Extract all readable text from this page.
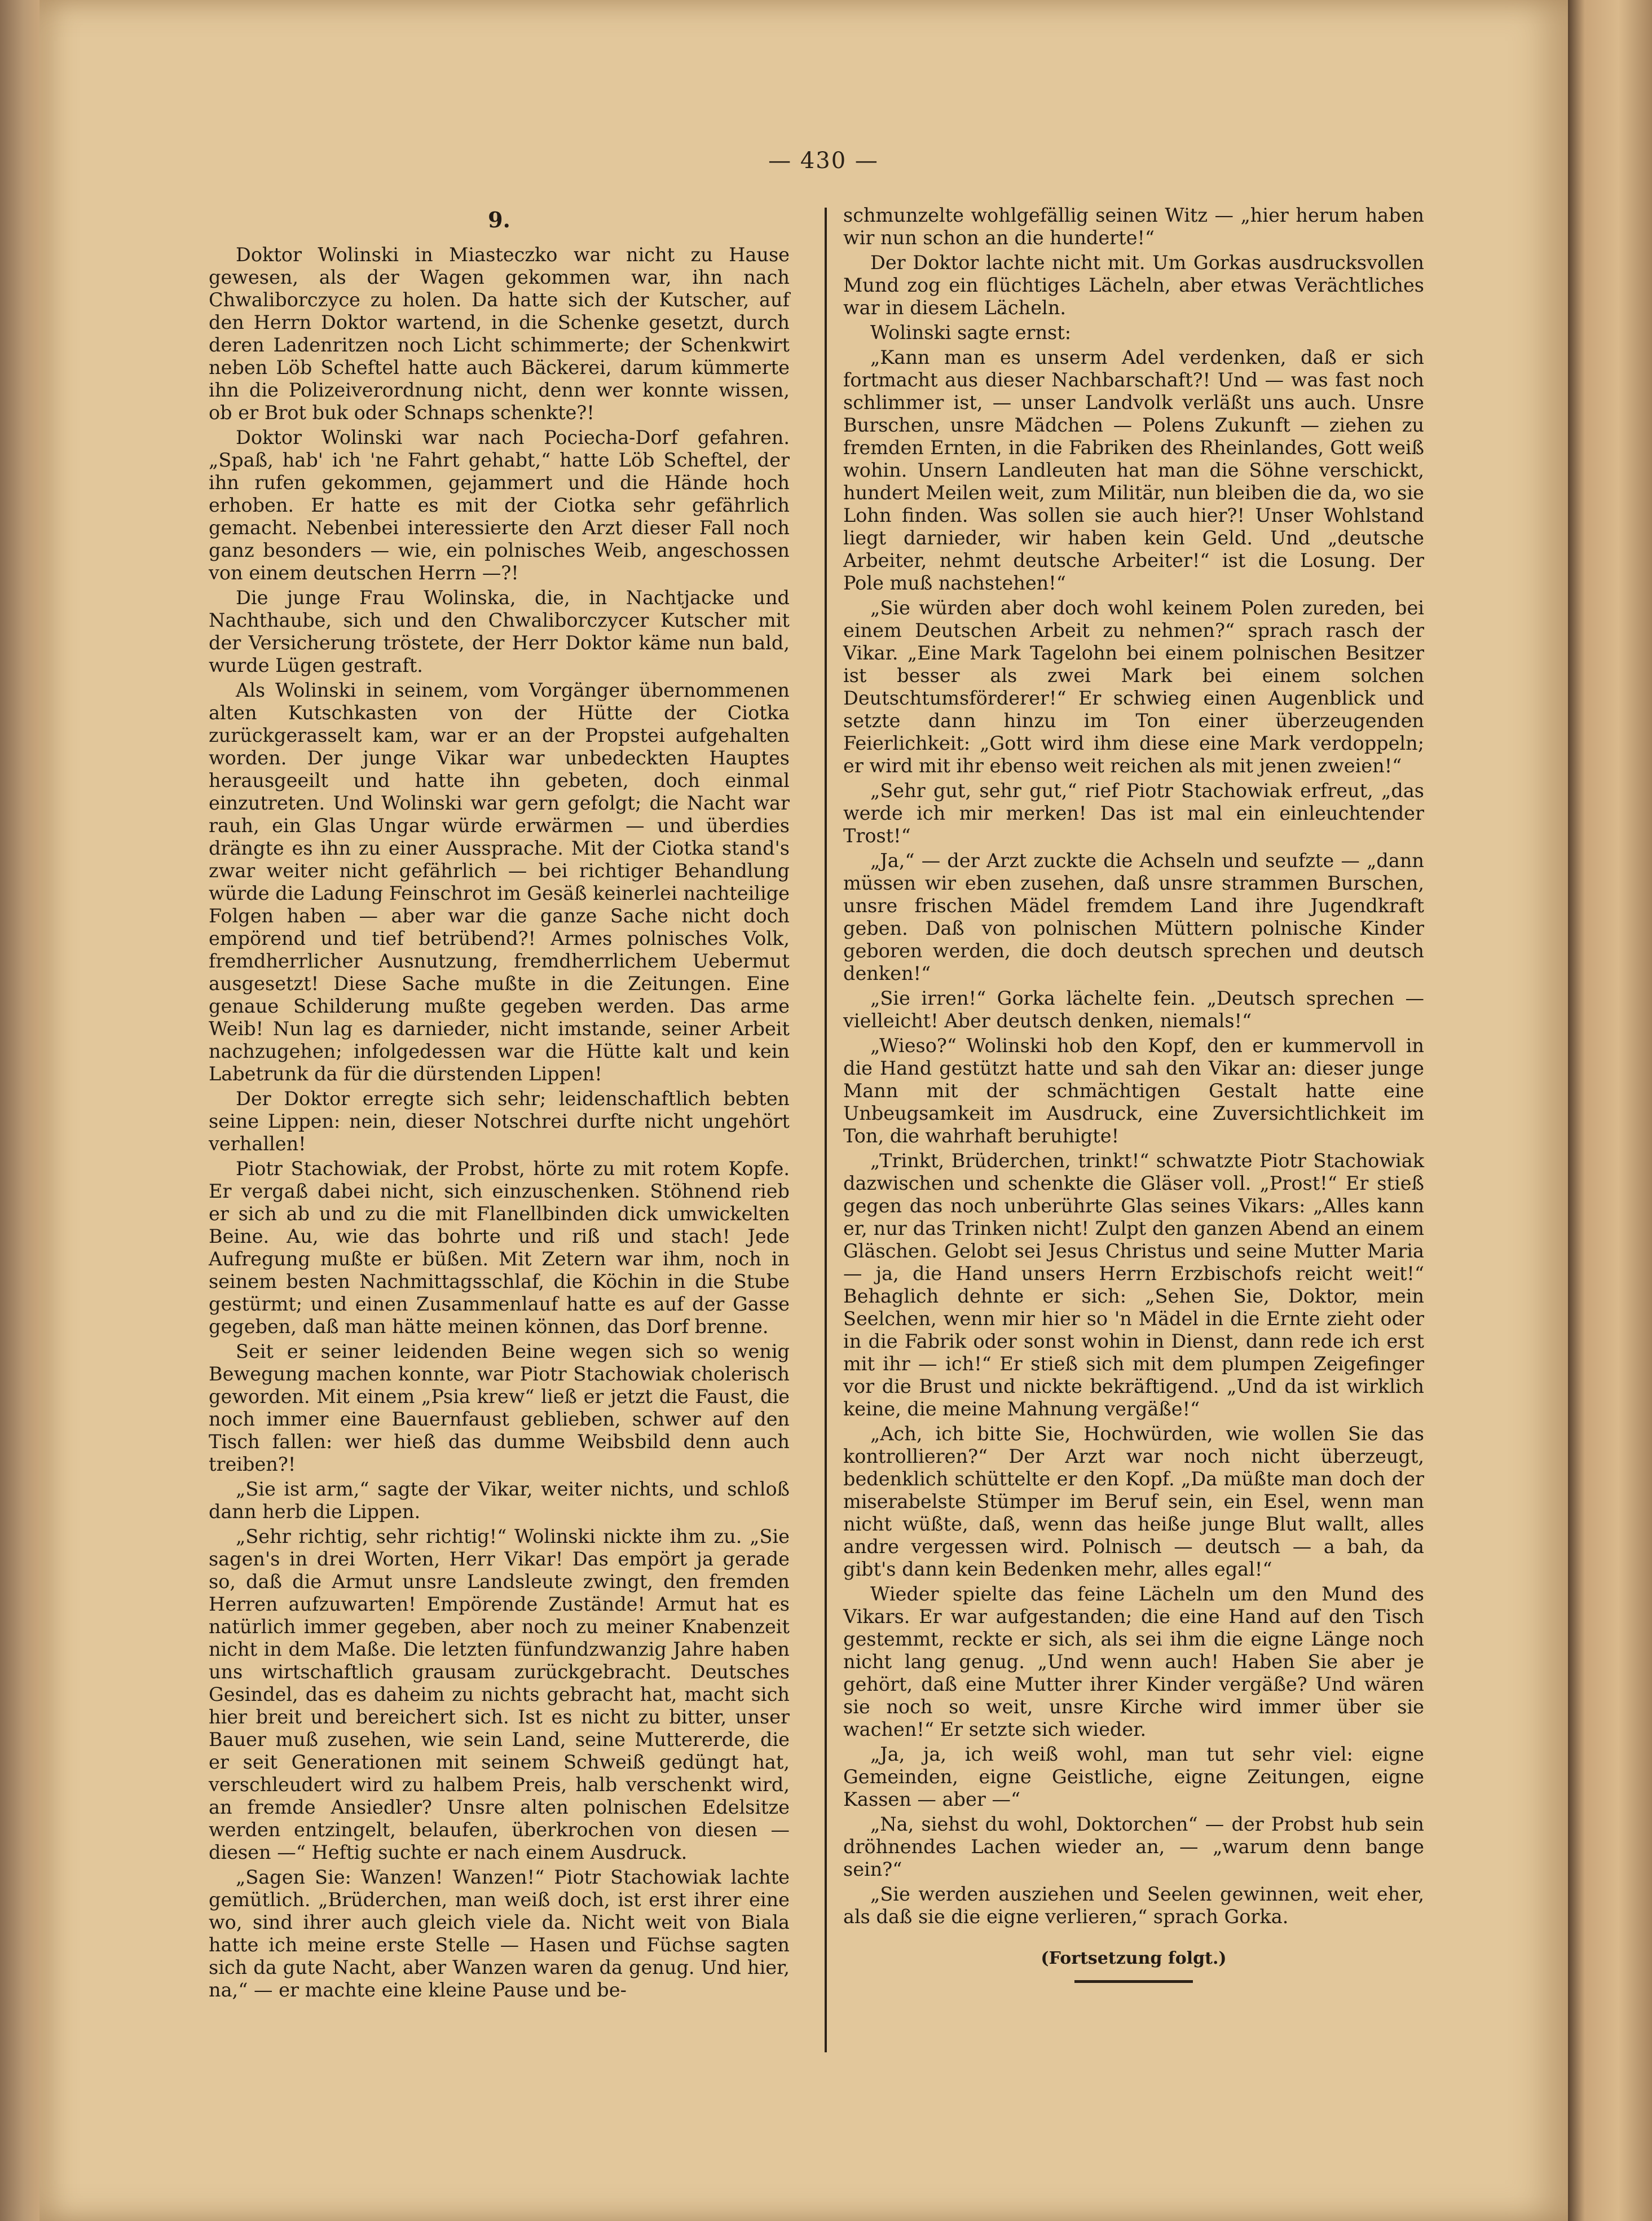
— 430 —
9.

Doktor Wolinski in Miasteczko war nicht zu Hause gewesen, als der Wagen gekommen war, ihn nach Chwaliborczyce zu holen. Da hatte sich der Kutscher, auf den Herrn Doktor wartend, in die Schenke gesetzt, durch deren Ladenritzen noch Licht schimmerte; der Schenkwirt neben Löb Scheftel hatte auch Bäckerei, darum kümmerte ihn die Polizeiverordnung nicht, denn wer konnte wissen, ob er Brot buk oder Schnaps schenkte?!

Doktor Wolinski war nach Pociecha-Dorf gefahren. „Spaß, hab' ich 'ne Fahrt gehabt,“ hatte Löb Scheftel, der ihn rufen gekommen, gejammert und die Hände hoch erhoben. Er hatte es mit der Ciotka sehr gefährlich gemacht. Nebenbei interessierte den Arzt dieser Fall noch ganz besonders — wie, ein polnisches Weib, angeschossen von einem deutschen Herrn —?!

Die junge Frau Wolinska, die, in Nachtjacke und Nachthaube, sich und den Chwaliborczycer Kutscher mit der Versicherung tröstete, der Herr Doktor käme nun bald, wurde Lügen gestraft.

Als Wolinski in seinem, vom Vorgänger übernommenen alten Kutschkasten von der Hütte der Ciotka zurückgerasselt kam, war er an der Propstei aufgehalten worden. Der junge Vikar war unbedeckten Hauptes herausgeeilt und hatte ihn gebeten, doch einmal einzutreten. Und Wolinski war gern gefolgt; die Nacht war rauh, ein Glas Ungar würde erwärmen — und überdies drängte es ihn zu einer Aussprache. Mit der Ciotka stand's zwar weiter nicht gefährlich — bei richtiger Behandlung würde die Ladung Feinschrot im Gesäß keinerlei nachteilige Folgen haben — aber war die ganze Sache nicht doch empörend und tief betrübend?! Armes polnisches Volk, fremdherrlicher Ausnutzung, fremdherrlichem Uebermut ausgesetzt! Diese Sache mußte in die Zeitungen. Eine genaue Schilderung mußte gegeben werden. Das arme Weib! Nun lag es darnieder, nicht imstande, seiner Arbeit nachzugehen; infolgedessen war die Hütte kalt und kein Labetrunk da für die dürstenden Lippen!

Der Doktor erregte sich sehr; leidenschaftlich bebten seine Lippen: nein, dieser Notschrei durfte nicht ungehört verhallen!

Piotr Stachowiak, der Probst, hörte zu mit rotem Kopfe. Er vergaß dabei nicht, sich einzuschenken. Stöhnend rieb er sich ab und zu die mit Flanellbinden dick umwickelten Beine. Au, wie das bohrte und riß und stach! Jede Aufregung mußte er büßen. Mit Zetern war ihm, noch in seinem besten Nachmittagsschlaf, die Köchin in die Stube gestürmt; und einen Zusammenlauf hatte es auf der Gasse gegeben, daß man hätte meinen können, das Dorf brenne.

Seit er seiner leidenden Beine wegen sich so wenig Bewegung machen konnte, war Piotr Stachowiak cholerisch geworden. Mit einem „Psia krew“ ließ er jetzt die Faust, die noch immer eine Bauernfaust geblieben, schwer auf den Tisch fallen: wer hieß das dumme Weibsbild denn auch treiben?!

„Sie ist arm,“ sagte der Vikar, weiter nichts, und schloß dann herb die Lippen.

„Sehr richtig, sehr richtig!“ Wolinski nickte ihm zu. „Sie sagen's in drei Worten, Herr Vikar! Das empört ja gerade so, daß die Armut unsre Landsleute zwingt, den fremden Herren aufzuwarten! Empörende Zustände! Armut hat es natürlich immer gegeben, aber noch zu meiner Knabenzeit nicht in dem Maße. Die letzten fünfundzwanzig Jahre haben uns wirtschaftlich grausam zurückgebracht. Deutsches Gesindel, das es daheim zu nichts gebracht hat, macht sich hier breit und bereichert sich. Ist es nicht zu bitter, unser Bauer muß zusehen, wie sein Land, seine Muttererde, die er seit Generationen mit seinem Schweiß gedüngt hat, verschleudert wird zu halbem Preis, halb verschenkt wird, an fremde Ansiedler? Unsre alten polnischen Edelsitze werden entzingelt, belaufen, überkrochen von diesen — diesen —“ Heftig suchte er nach einem Ausdruck.

„Sagen Sie: Wanzen! Wanzen!“ Piotr Stachowiak lachte gemütlich. „Brüderchen, man weiß doch, ist erst ihrer eine wo, sind ihrer auch gleich viele da. Nicht weit von Biala hatte ich meine erste Stelle — Hasen und Füchse sagten sich da gute Nacht, aber Wanzen waren da genug. Und hier, na,“ — er machte eine kleine Pause und be-

schmunzelte wohlgefällig seinen Witz — „hier herum haben wir nun schon an die hunderte!“

Der Doktor lachte nicht mit. Um Gorkas ausdrucksvollen Mund zog ein flüchtiges Lächeln, aber etwas Verächtliches war in diesem Lächeln.

Wolinski sagte ernst:

„Kann man es unserm Adel verdenken, daß er sich fortmacht aus dieser Nachbarschaft?! Und — was fast noch schlimmer ist, — unser Landvolk verläßt uns auch. Unsre Burschen, unsre Mädchen — Polens Zukunft — ziehen zu fremden Ernten, in die Fabriken des Rheinlandes, Gott weiß wohin. Unsern Landleuten hat man die Söhne verschickt, hundert Meilen weit, zum Militär, nun bleiben die da, wo sie Lohn finden. Was sollen sie auch hier?! Unser Wohlstand liegt darnieder, wir haben kein Geld. Und „deutsche Arbeiter, nehmt deutsche Arbeiter!“ ist die Losung. Der Pole muß nachstehen!“

„Sie würden aber doch wohl keinem Polen zureden, bei einem Deutschen Arbeit zu nehmen?“ sprach rasch der Vikar. „Eine Mark Tagelohn bei einem polnischen Besitzer ist besser als zwei Mark bei einem solchen Deutschtumsförderer!“ Er schwieg einen Augenblick und setzte dann hinzu im Ton einer überzeugenden Feierlichkeit: „Gott wird ihm diese eine Mark verdoppeln; er wird mit ihr ebenso weit reichen als mit jenen zweien!“

„Sehr gut, sehr gut,“ rief Piotr Stachowiak erfreut, „das werde ich mir merken! Das ist mal ein einleuchtender Trost!“

„Ja,“ — der Arzt zuckte die Achseln und seufzte — „dann müssen wir eben zusehen, daß unsre strammen Burschen, unsre frischen Mädel fremdem Land ihre Jugendkraft geben. Daß von polnischen Müttern polnische Kinder geboren werden, die doch deutsch sprechen und deutsch denken!“

„Sie irren!“ Gorka lächelte fein. „Deutsch sprechen — vielleicht! Aber deutsch denken, niemals!“

„Wieso?“ Wolinski hob den Kopf, den er kummervoll in die Hand gestützt hatte und sah den Vikar an: dieser junge Mann mit der schmächtigen Gestalt hatte eine Unbeugsamkeit im Ausdruck, eine Zuversichtlichkeit im Ton, die wahrhaft beruhigte!

„Trinkt, Brüderchen, trinkt!“ schwatzte Piotr Stachowiak dazwischen und schenkte die Gläser voll. „Prost!“ Er stieß gegen das noch unberührte Glas seines Vikars: „Alles kann er, nur das Trinken nicht! Zulpt den ganzen Abend an einem Gläschen. Gelobt sei Jesus Christus und seine Mutter Maria — ja, die Hand unsers Herrn Erzbischofs reicht weit!“ Behaglich dehnte er sich: „Sehen Sie, Doktor, mein Seelchen, wenn mir hier so 'n Mädel in die Ernte zieht oder in die Fabrik oder sonst wohin in Dienst, dann rede ich erst mit ihr — ich!“ Er stieß sich mit dem plumpen Zeigefinger vor die Brust und nickte bekräftigend. „Und da ist wirklich keine, die meine Mahnung vergäße!“

„Ach, ich bitte Sie, Hochwürden, wie wollen Sie das kontrollieren?“ Der Arzt war noch nicht überzeugt, bedenklich schüttelte er den Kopf. „Da müßte man doch der miserabelste Stümper im Beruf sein, ein Esel, wenn man nicht wüßte, daß, wenn das heiße junge Blut wallt, alles andre vergessen wird. Polnisch — deutsch — a bah, da gibt's dann kein Bedenken mehr, alles egal!“

Wieder spielte das feine Lächeln um den Mund des Vikars. Er war aufgestanden; die eine Hand auf den Tisch gestemmt, reckte er sich, als sei ihm die eigne Länge noch nicht lang genug. „Und wenn auch! Haben Sie aber je gehört, daß eine Mutter ihrer Kinder vergäße? Und wären sie noch so weit, unsre Kirche wird immer über sie wachen!“ Er setzte sich wieder.

„Ja, ja, ich weiß wohl, man tut sehr viel: eigne Gemeinden, eigne Geistliche, eigne Zeitungen, eigne Kassen — aber —“

„Na, siehst du wohl, Doktorchen“ — der Probst hub sein dröhnendes Lachen wieder an, — „warum denn bange sein?“

„Sie werden ausziehen und Seelen gewinnen, weit eher, als daß sie die eigne verlieren,“ sprach Gorka.

(Fortsetzung folgt.)
